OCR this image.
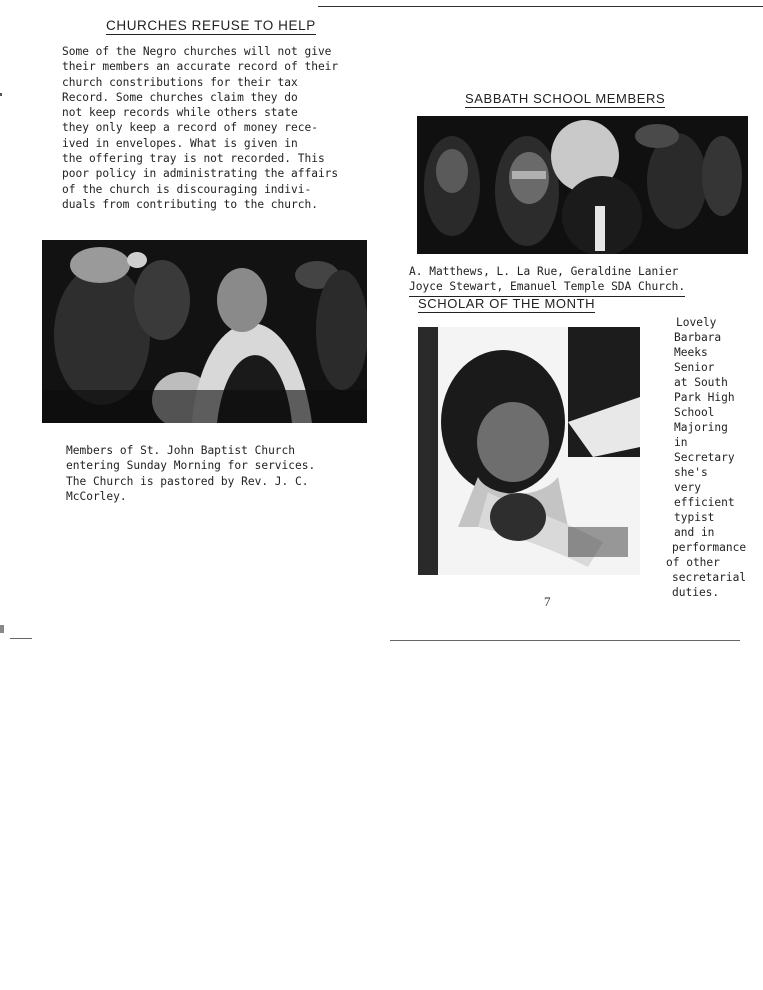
CHURCHES REFUSE TO HELP
Some of the Negro churches will not give
their members an accurate record of their
church constributions for their tax
Record. Some churches claim they do
not keep records while others state
they only keep a record of money rece-
ived in envelopes. What is given in
the offering tray is not recorded. This
poor policy in administrating the affairs
of the church is discouraging indivi-
duals from contributing to the church.
Members of St. John Baptist Church
entering Sunday Morning for services.
The Church is pastored by Rev. J. C.
McCorley.
SABBATH SCHOOL MEMBERS
A. Matthews, L. La Rue, Geraldine Lanier
Joyce Stewart, Emanuel Temple SDA Church.
SCHOLAR OF THE MONTH
Lovely
Barbara
Meeks
Senior
at South
Park High
School
Majoring
in
Secretary
she's
very
efficient
typist
and in
performance
of other
secretarial
duties.

7
